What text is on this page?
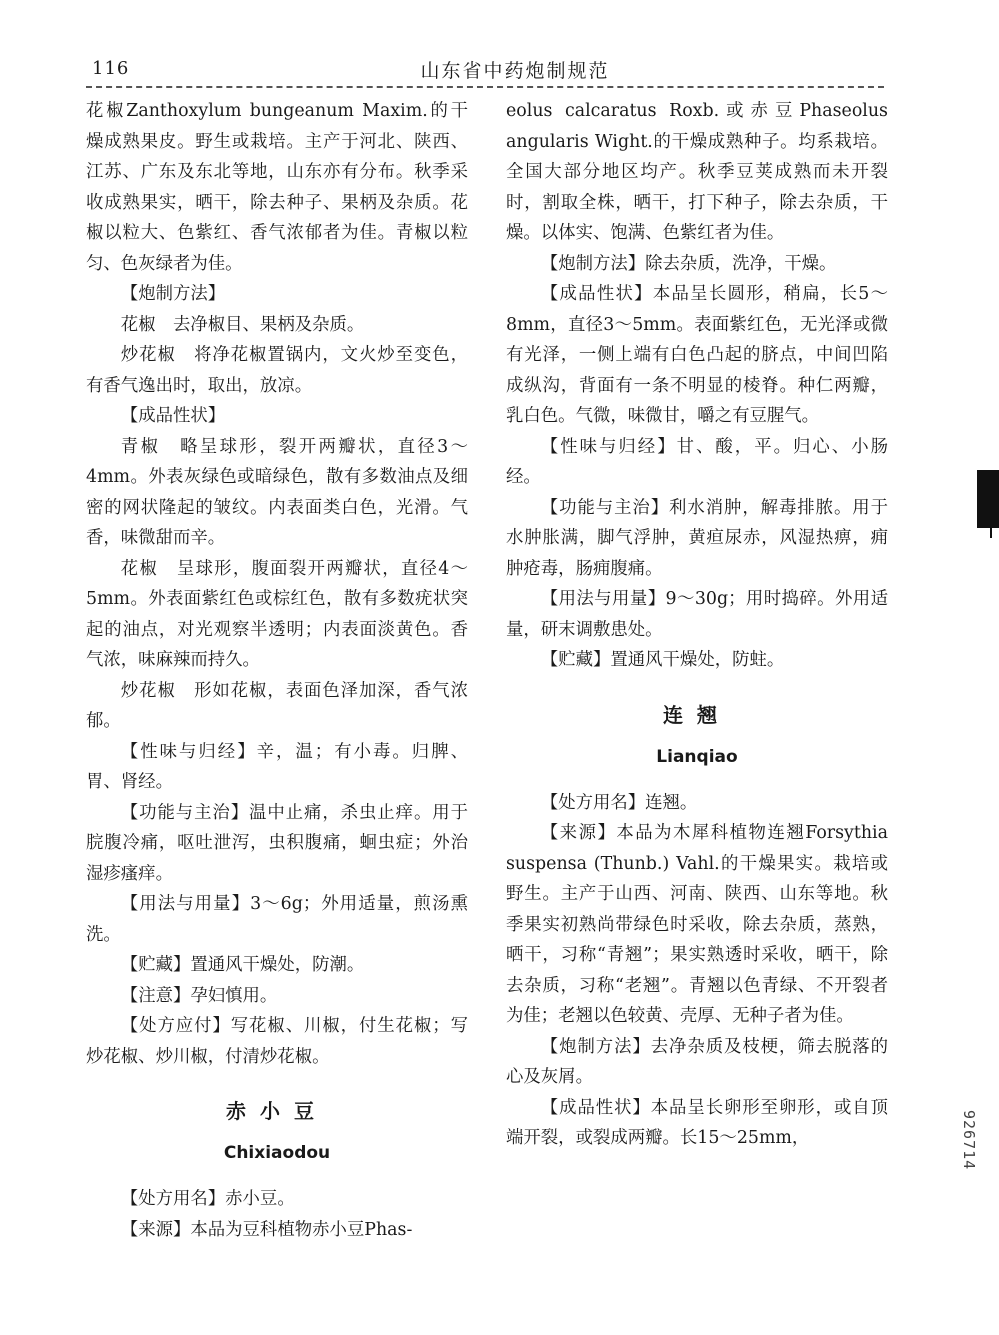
116	山东省中药炮制规范

花椒Zanthoxylum bungeanum Maxim.的干燥成熟果皮。野生或栽培。主产于河北、陕西、江苏、广东及东北等地，山东亦有分布。秋季采收成熟果实，晒干，除去种子、果柄及杂质。花椒以粒大、色紫红、香气浓郁者为佳。青椒以粒匀、色灰绿者为佳。

【炮制方法】

花椒　去净椒目、果柄及杂质。

炒花椒　将净花椒置锅内，文火炒至变色，有香气逸出时，取出，放凉。

【成品性状】

青椒　略呈球形，裂开两瓣状，直径3～4mm。外表灰绿色或暗绿色，散有多数油点及细密的网状隆起的皱纹。内表面类白色，光滑。气香，味微甜而辛。

花椒　呈球形，腹面裂开两瓣状，直径4～5mm。外表面紫红色或棕红色，散有多数疣状突起的油点，对光观察半透明；内表面淡黄色。香气浓，味麻辣而持久。

炒花椒　形如花椒，表面色泽加深，香气浓郁。

【性味与归经】辛，温；有小毒。归脾、胃、肾经。

【功能与主治】温中止痛，杀虫止痒。用于脘腹冷痛，呕吐泄泻，虫积腹痛，蛔虫症；外治湿疹瘙痒。

【用法与用量】3～6g；外用适量，煎汤熏洗。

【贮藏】置通风干燥处，防潮。

【注意】孕妇慎用。

【处方应付】写花椒、川椒，付生花椒；写炒花椒、炒川椒，付清炒花椒。

赤小豆
Chixiaodou

【处方用名】赤小豆。

【来源】本品为豆科植物赤小豆Phas-

eolus calcaratus Roxb.或赤豆Phaseolus angularis Wight.的干燥成熟种子。均系栽培。全国大部分地区均产。秋季豆荚成熟而未开裂时，割取全株，晒干，打下种子，除去杂质，干燥。以体实、饱满、色紫红者为佳。

【炮制方法】除去杂质，洗净，干燥。

【成品性状】本品呈长圆形，稍扁，长5～8mm，直径3～5mm。表面紫红色，无光泽或微有光泽，一侧上端有白色凸起的脐点，中间凹陷成纵沟，背面有一条不明显的棱脊。种仁两瓣，乳白色。气微，味微甘，嚼之有豆腥气。

【性味与归经】甘、酸，平。归心、小肠经。

【功能与主治】利水消肿，解毒排脓。用于水肿胀满，脚气浮肿，黄疸尿赤，风湿热痹，痈肿疮毒，肠痈腹痛。

【用法与用量】9～30g；用时捣碎。外用适量，研末调敷患处。

【贮藏】置通风干燥处，防蛀。

连翘
Lianqiao

【处方用名】连翘。

【来源】本品为木犀科植物连翘Forsythia suspensa (Thunb.) Vahl.的干燥果实。栽培或野生。主产于山西、河南、陕西、山东等地。秋季果实初熟尚带绿色时采收，除去杂质，蒸熟，晒干，习称“青翘”；果实熟透时采收，晒干，除去杂质，习称“老翘”。青翘以色青绿、不开裂者为佳；老翘以色较黄、壳厚、无种子者为佳。

【炮制方法】去净杂质及枝梗，筛去脱落的心及灰屑。

【成品性状】本品呈长卵形至卵形，或自顶端开裂，或裂成两瓣。长15～25mm，	926714
